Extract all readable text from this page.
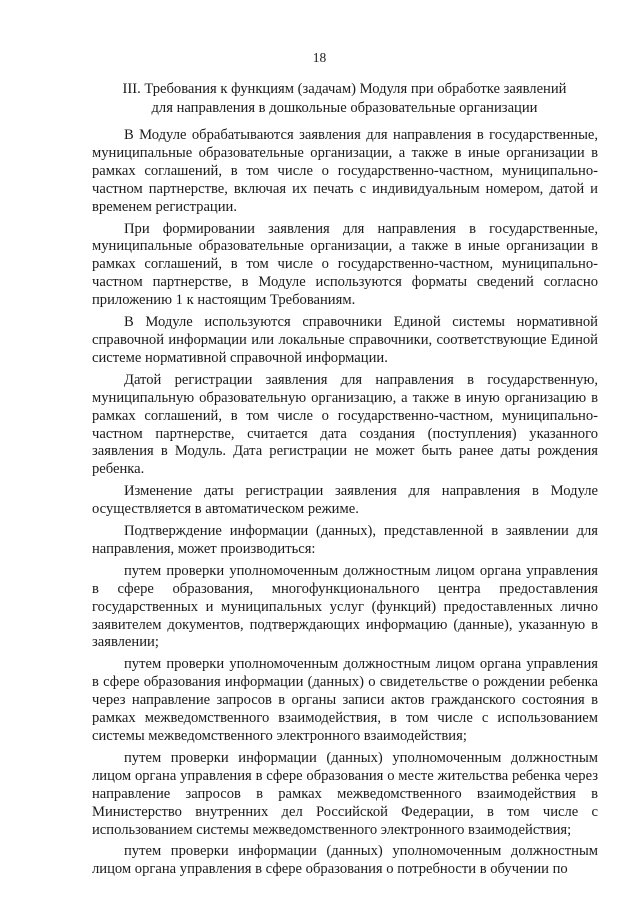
18
III. Требования к функциям (задачам) Модуля при обработке заявлений
для направления в дошкольные образовательные организации

В Модуле обрабатываются заявления для направления в государственные, муниципальные образовательные организации, а также в иные организации в рамках соглашений, в том числе о государственно-частном, муниципально-частном партнерстве, включая их печать с индивидуальным номером, датой и временем регистрации.

При формировании заявления для направления в государственные, муниципальные образовательные организации, а также в иные организации в рамках соглашений, в том числе о государственно-частном, муниципально-частном партнерстве, в Модуле используются форматы сведений согласно приложению 1 к настоящим Требованиям.

В Модуле используются справочники Единой системы нормативной справочной информации или локальные справочники, соответствующие Единой системе нормативной справочной информации.

Датой регистрации заявления для направления в государственную, муниципальную образовательную организацию, а также в иную организацию в рамках соглашений, в том числе о государственно-частном, муниципально-частном партнерстве, считается дата создания (поступления) указанного заявления в Модуль. Дата регистрации не может быть ранее даты рождения ребенка.

Изменение даты регистрации заявления для направления в Модуле осуществляется в автоматическом режиме.

Подтверждение информации (данных), представленной в заявлении для направления, может производиться:

путем проверки уполномоченным должностным лицом органа управления в сфере образования, многофункционального центра предоставления государственных и муниципальных услуг (функций) предоставленных лично заявителем документов, подтверждающих информацию (данные), указанную в заявлении;

путем проверки уполномоченным должностным лицом органа управления в сфере образования информации (данных) о свидетельстве о рождении ребенка через направление запросов в органы записи актов гражданского состояния в рамках межведомственного взаимодействия, в том числе с использованием системы межведомственного электронного взаимодействия;

путем проверки информации (данных) уполномоченным должностным лицом органа управления в сфере образования о месте жительства ребенка через направление запросов в рамках межведомственного взаимодействия в Министерство внутренних дел Российской Федерации, в том числе с использованием системы межведомственного электронного взаимодействия;

путем проверки информации (данных) уполномоченным должностным лицом органа управления в сфере образования о потребности в обучении по
